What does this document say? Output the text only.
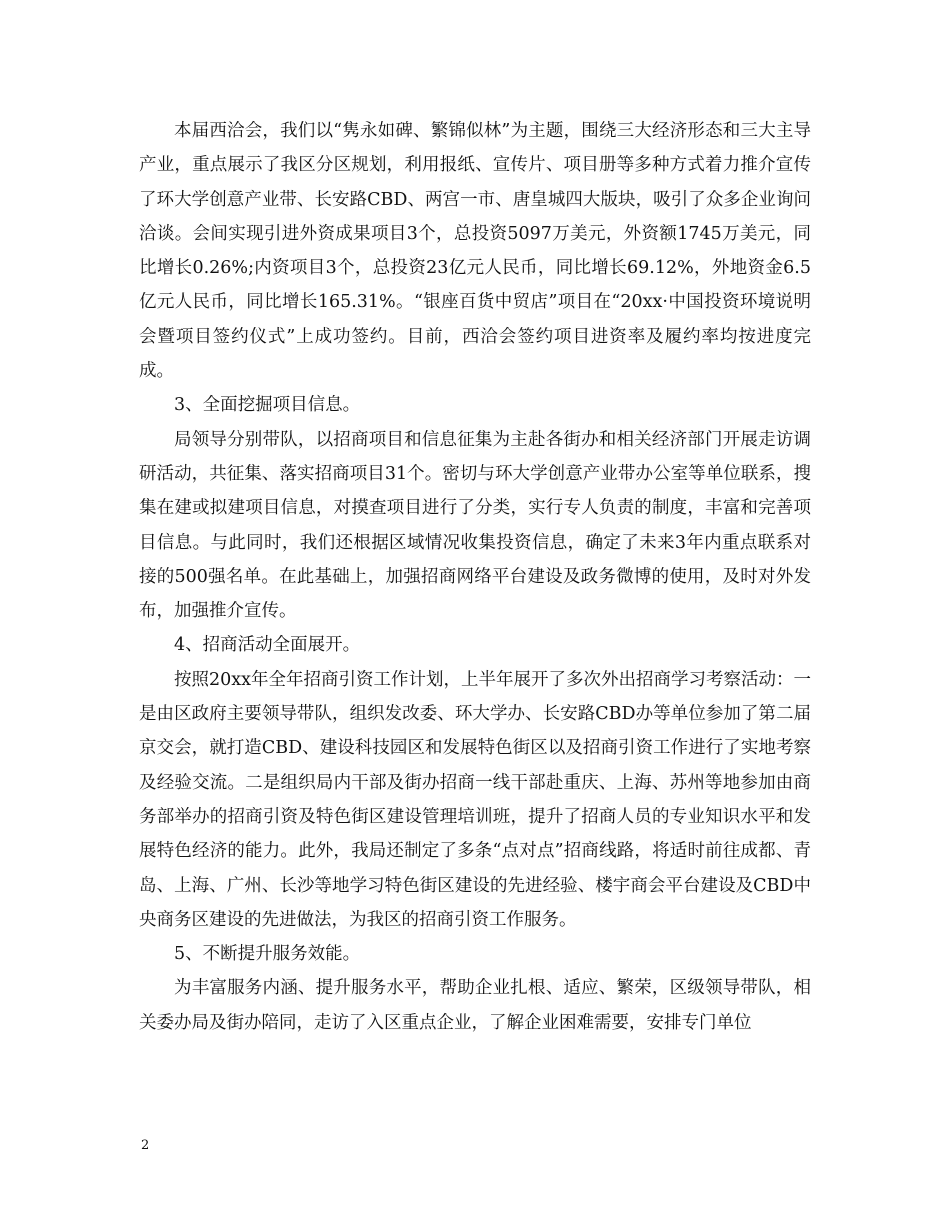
本届西洽会，我们以“隽永如碑、繁锦似林”为主题，围绕三大经济形态和三大主导产业，重点展示了我区分区规划，利用报纸、宣传片、项目册等多种方式着力推介宣传了环大学创意产业带、长安路CBD、两宫一市、唐皇城四大版块，吸引了众多企业询问洽谈。会间实现引进外资成果项目3个，总投资5097万美元，外资额1745万美元，同比增长0.26%;内资项目3个，总投资23亿元人民币，同比增长69.12%，外地资金6.5亿元人民币，同比增长165.31%。“银座百货中贸店”项目在“20xx·中国投资环境说明会暨项目签约仪式”上成功签约。目前，西洽会签约项目进资率及履约率均按进度完成。

3、全面挖掘项目信息。

局领导分别带队，以招商项目和信息征集为主赴各街办和相关经济部门开展走访调研活动，共征集、落实招商项目31个。密切与环大学创意产业带办公室等单位联系，搜集在建或拟建项目信息，对摸查项目进行了分类，实行专人负责的制度，丰富和完善项目信息。与此同时，我们还根据区域情况收集投资信息，确定了未来3年内重点联系对接的500强名单。在此基础上，加强招商网络平台建设及政务微博的使用，及时对外发布，加强推介宣传。

4、招商活动全面展开。

按照20xx年全年招商引资工作计划，上半年展开了多次外出招商学习考察活动：一是由区政府主要领导带队，组织发改委、环大学办、长安路CBD办等单位参加了第二届京交会，就打造CBD、建设科技园区和发展特色街区以及招商引资工作进行了实地考察及经验交流。二是组织局内干部及街办招商一线干部赴重庆、上海、苏州等地参加由商务部举办的招商引资及特色街区建设管理培训班，提升了招商人员的专业知识水平和发展特色经济的能力。此外，我局还制定了多条“点对点”招商线路，将适时前往成都、青岛、上海、广州、长沙等地学习特色街区建设的先进经验、楼宇商会平台建设及CBD中央商务区建设的先进做法，为我区的招商引资工作服务。

5、不断提升服务效能。

为丰富服务内涵、提升服务水平，帮助企业扎根、适应、繁荣，区级领导带队，相关委办局及街办陪同，走访了入区重点企业，了解企业困难需要，安排专门单位

2
